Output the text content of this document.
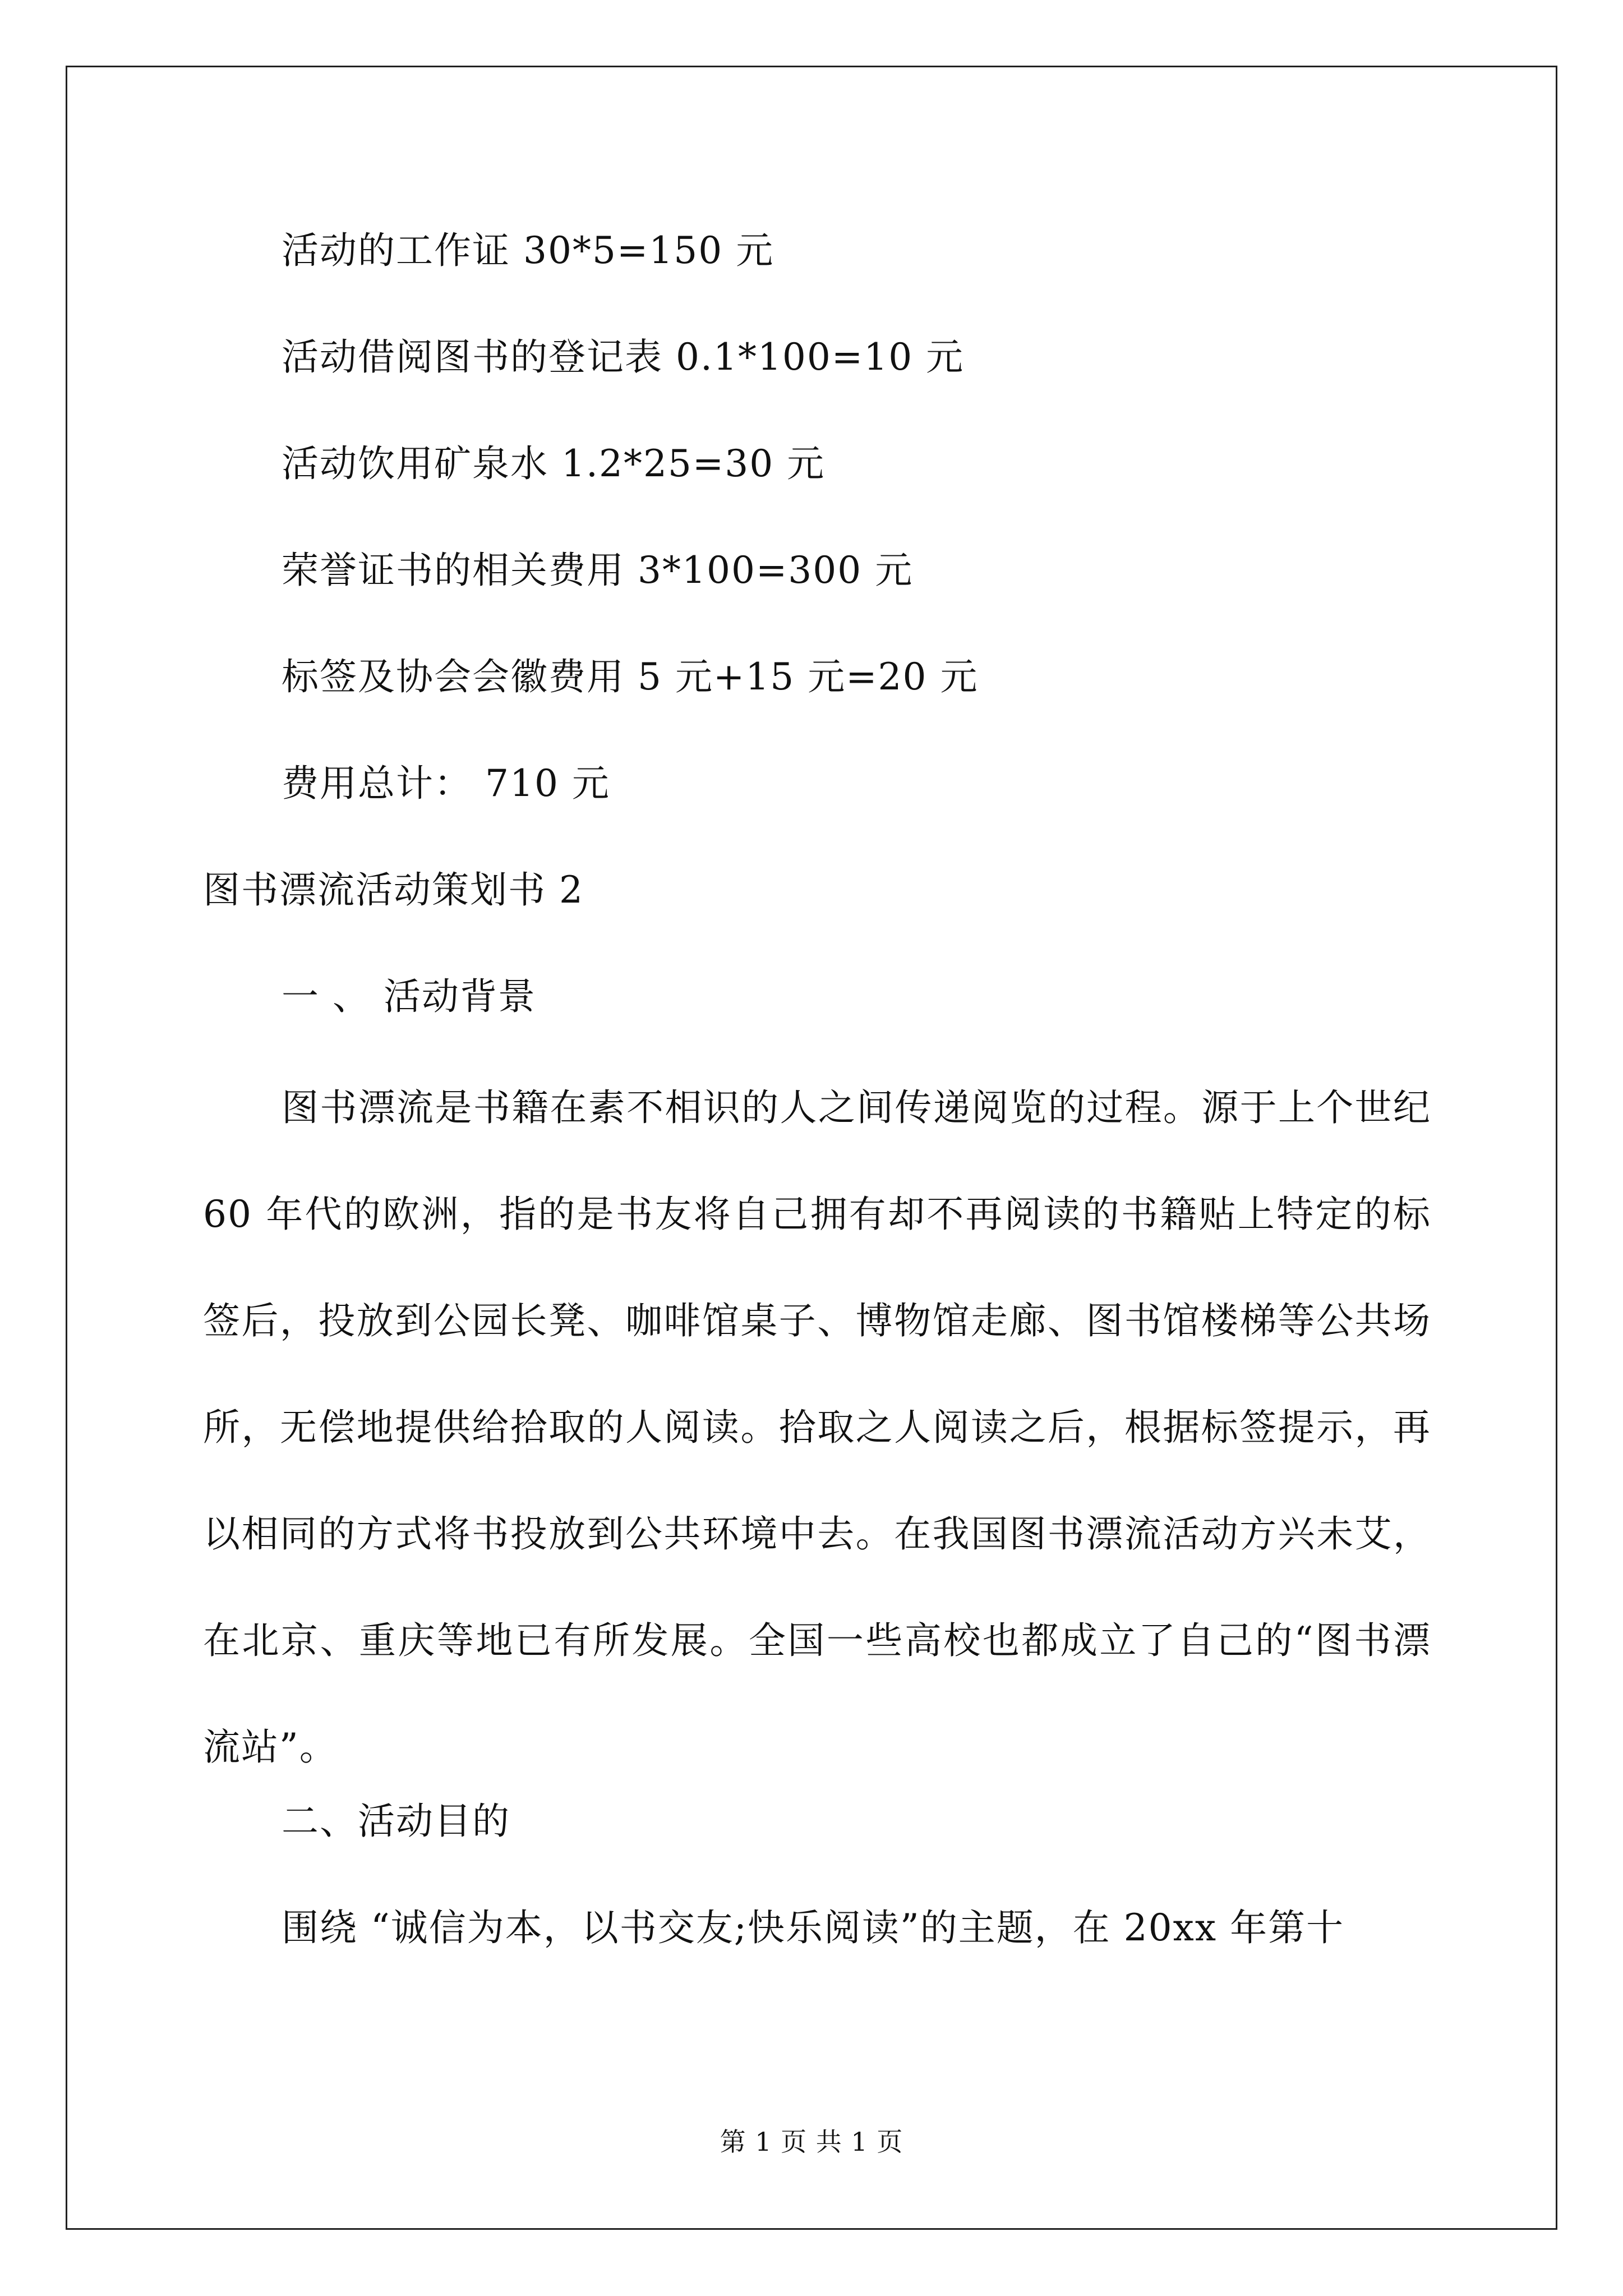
活动的工作证 30*5=150 元
活动借阅图书的登记表 0.1*100=10 元
活动饮用矿泉水 1.2*25=30 元
荣誉证书的相关费用 3*100=300 元
标签及协会会徽费用 5 元+15 元=20 元
费用总计： 710 元
图书漂流活动策划书 2
一 、 活动背景
图书漂流是书籍在素不相识的人之间传递阅览的过程。源于上个世纪 60 年代的欧洲，指的是书友将自己拥有却不再阅读的书籍贴上特定的标签后，投放到公园长凳、咖啡馆桌子、博物馆走廊、图书馆楼梯等公共场所，无偿地提供给拾取的人阅读。拾取之人阅读之后，根据标签提示，再以相同的方式将书投放到公共环境中去。在我国图书漂流活动方兴未艾，在北京、重庆等地已有所发展。全国一些高校也都成立了自己的“图书漂流站”。
二、活动目的
围绕 “诚信为本，以书交友;快乐阅读”的主题，在 20xx 年第十
第 1 页 共 1 页
